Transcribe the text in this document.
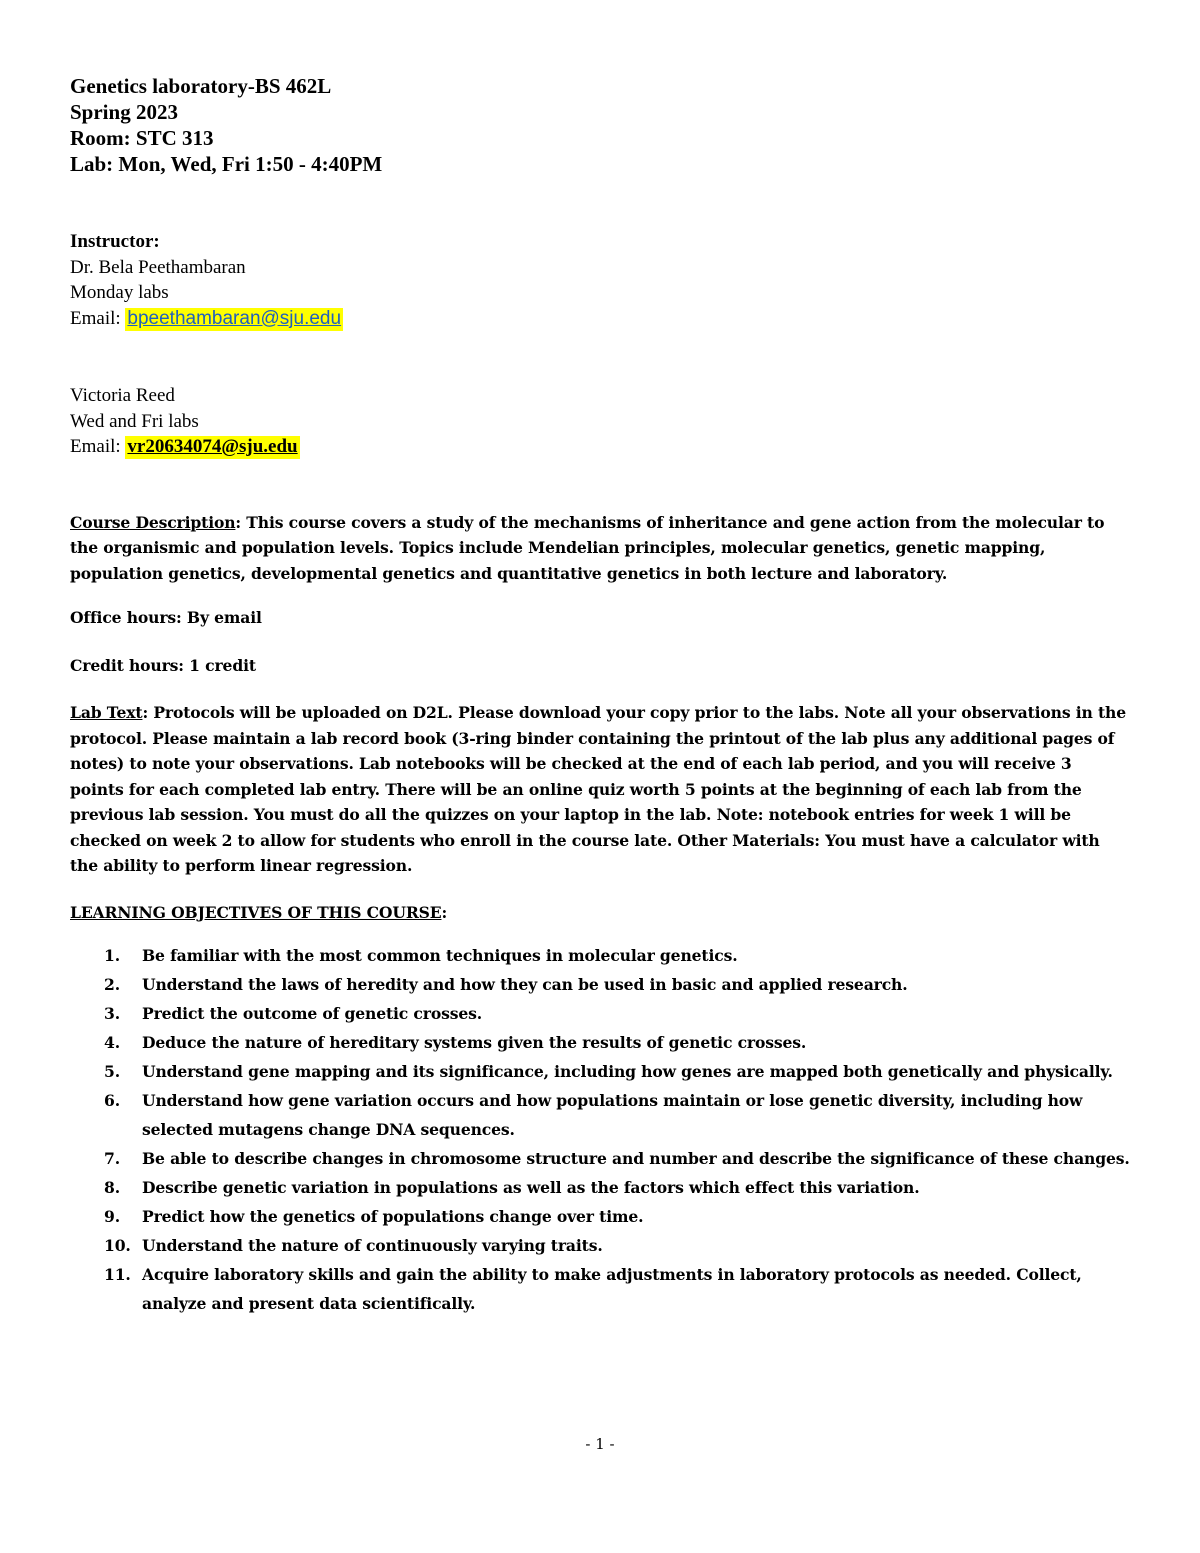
Genetics laboratory-BS 462L

Spring 2023

Room: STC 313

Lab: Mon, Wed, Fri 1:50 - 4:40PM

Instructor:

Dr. Bela Peethambaran

Monday labs

Email: bpeethambaran@sju.edu

Victoria Reed

Wed and Fri labs

Email: vr20634074@sju.edu

Course Description: This course covers a study of the mechanisms of inheritance and gene action from the molecular to the organismic and population levels. Topics include Mendelian principles, molecular genetics, genetic mapping, population genetics, developmental genetics and quantitative genetics in both lecture and laboratory.

Office hours: By email

Credit hours: 1 credit

Lab Text: Protocols will be uploaded on D2L. Please download your copy prior to the labs. Note all your observations in the protocol. Please maintain a lab record book (3-ring binder containing the printout of the lab plus any additional pages of notes) to note your observations. Lab notebooks will be checked at the end of each lab period, and you will receive 3 points for each completed lab entry. There will be an online quiz worth 5 points at the beginning of each lab from the previous lab session. You must do all the quizzes on your laptop in the lab. Note: notebook entries for week 1 will be checked on week 2 to allow for students who enroll in the course late. Other Materials: You must have a calculator with the ability to perform linear regression.

LEARNING OBJECTIVES OF THIS COURSE:

1. Be familiar with the most common techniques in molecular genetics.
2. Understand the laws of heredity and how they can be used in basic and applied research.
3. Predict the outcome of genetic crosses.
4. Deduce the nature of hereditary systems given the results of genetic crosses.
5. Understand gene mapping and its significance, including how genes are mapped both genetically and physically.
6. Understand how gene variation occurs and how populations maintain or lose genetic diversity, including how selected mutagens change DNA sequences.
7. Be able to describe changes in chromosome structure and number and describe the significance of these changes.
8. Describe genetic variation in populations as well as the factors which effect this variation.
9. Predict how the genetics of populations change over time.
10. Understand the nature of continuously varying traits.
11. Acquire laboratory skills and gain the ability to make adjustments in laboratory protocols as needed. Collect, analyze and present data scientifically.
- 1 -
